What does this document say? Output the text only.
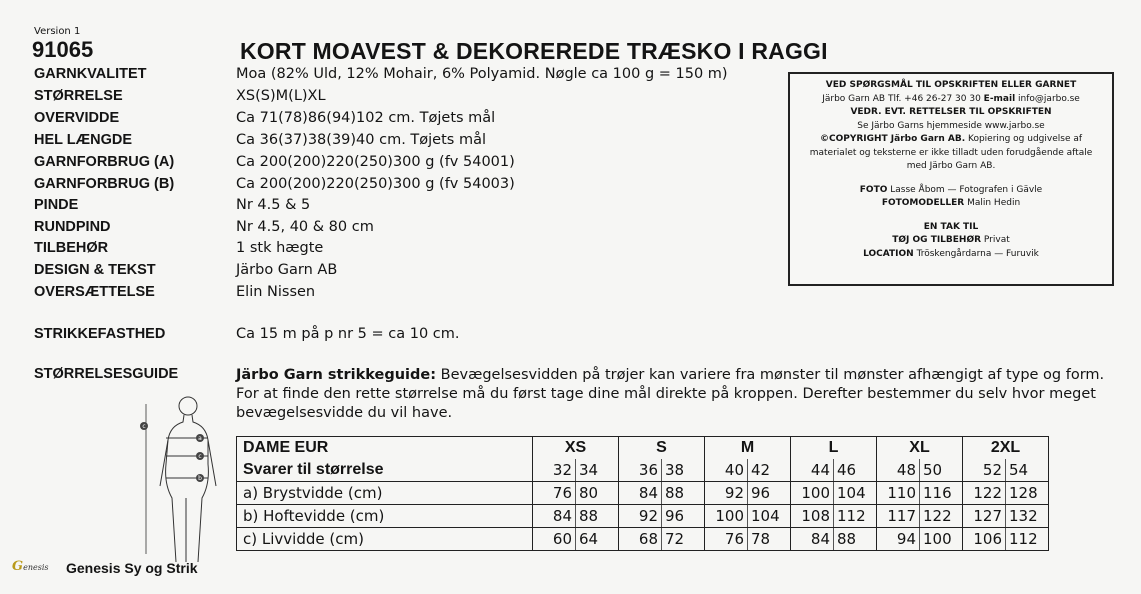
Version 1
91065	KORT MOAVEST & DEKOREREDE TRÆSKO I RAGGI
GARNKVALITET	Moa (82% Uld, 12% Mohair, 6% Polyamid. Nøgle ca 100 g = 150 m)
STØRRELSE	XS(S)M(L)XL
OVERVIDDE	Ca 71(78)86(94)102 cm. Tøjets mål
HEL LÆNGDE	Ca 36(37)38(39)40 cm. Tøjets mål
GARNFORBRUG (A)	Ca 200(200)220(250)300 g (fv 54001)
GARNFORBRUG (B)	Ca 200(200)220(250)300 g (fv 54003)
PINDE	Nr 4.5 & 5
RUNDPIND	Nr 4.5, 40 & 80 cm
TILBEHØR	1 stk hægte
DESIGN & TEKST	Järbo Garn AB
OVERSÆTTELSE	Elin Nissen
STRIKKEFASTHED	Ca 15 m på p nr 5 = ca 10 cm.
VED SPØRGSMÅL TIL OPSKRIFTEN ELLER GARNET
Järbo Garn AB Tlf. +46 26-27 30 30 E-mail info@jarbo.se
VEDR. EVT. RETTELSER TIL OPSKRIFTEN
Se Järbo Garns hjemmeside www.jarbo.se
©COPYRIGHT Järbo Garn AB. Kopiering og udgivelse af
materialet og teksterne er ikke tilladt uden forudgående aftale
med Järbo Garn AB.
FOTO Lasse Åbom — Fotografen i Gävle
FOTOMODELLER Malin Hedin
EN TAK TIL
TØJ OG TILBEHØR Privat
LOCATION Tröskengårdarna — Furuvik
STØRRELSESGUIDE	Järbo Garn strikkeguide: Bevægelsesvidden på trøjer kan variere fra mønster til mønster afhængigt af type og form. For at finde den rette størrelse må du først tage dine mål direkte på kroppen. Derefter bestemmer du selv hvor meget bevægelsesvidde du vil have.
c
a
c
b
DAME EUR	XS		S		M		L		XL		2XL	
Svarer til størrelse	32	34	36	38	40	42	44	46	48	50	52	54
a) Brystvidde (cm)	76	80	84	88	92	96	100	104	110	116	122	128
b) Hoftevidde (cm)	84	88	92	96	100	104	108	112	117	122	127	132
c) Livvidde (cm)	60	64	68	72	76	78	84	88	94	100	106	112
Genesis Genesis Sy og Strik
